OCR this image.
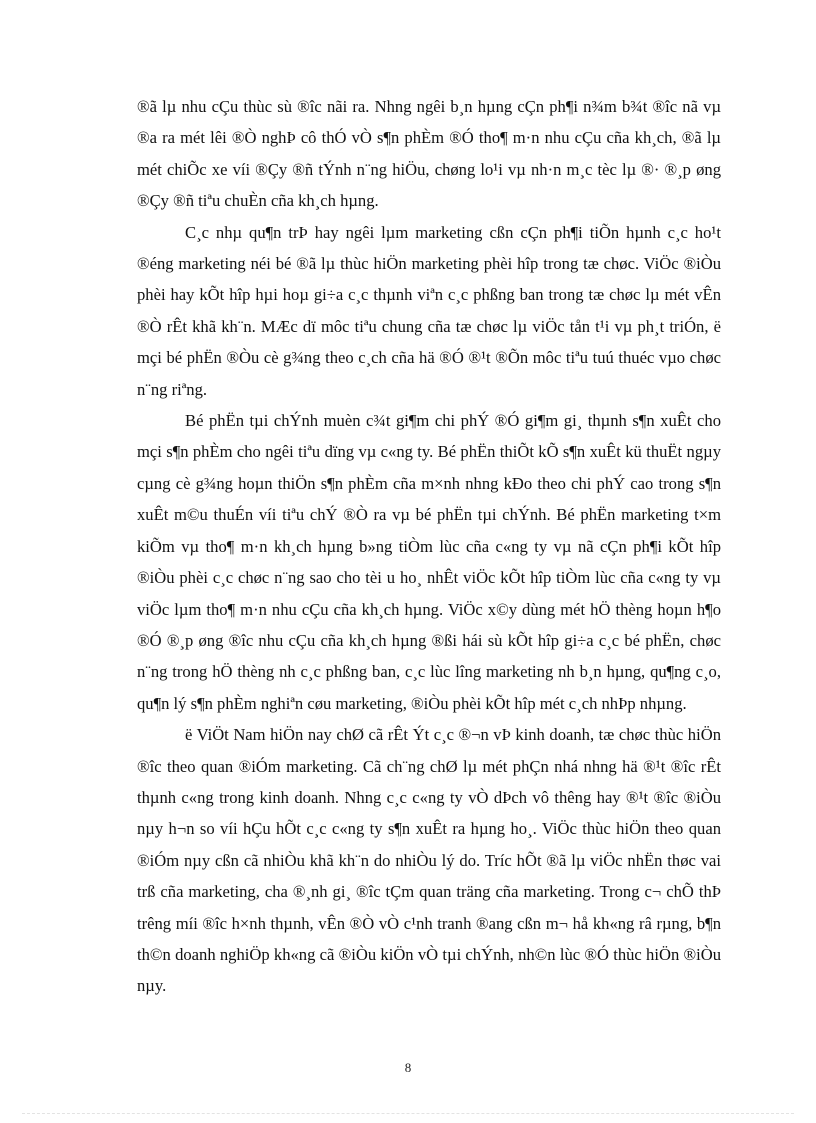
®ã lµ nhu cÇu thùc sù ®îc nãi ra. Nhng ngêi b¸n hµng cÇn ph¶i n¾m b¾t ®îc nã vµ ®a ra mét lêi ®Ò nghÞ cô thÓ vÒ s¶n phÈm ®Ó tho¶ m·n nhu cÇu cña kh¸ch, ®ã lµ mét chiÕc xe víi ®Çy ®ñ tÝnh n¨ng hiÖu, chøng lo¹i vµ nh·n m¸c tèc lµ ®· ®¸p øng ®Çy ®ñ tiªu chuÈn cña kh¸ch hµng.

C¸c nhµ qu¶n trÞ hay ngêi lµm marketing cßn cÇn ph¶i tiÕn hµnh c¸c ho¹t ®éng marketing néi bé ®ã lµ thùc hiÖn marketing phèi hîp trong tæ chøc. ViÖc ®iÒu phèi hay kÕt hîp hµi hoµ gi÷a c¸c thµnh viªn c¸c phßng ban trong tæ chøc lµ mét vÊn ®Ò rÊt khã kh¨n. MÆc dï môc tiªu chung cña tæ chøc lµ viÖc tån t¹i vµ ph¸t triÓn, ë mçi bé phËn ®Òu cè g¾ng theo c¸ch cña hä ®Ó ®¹t ®Õn môc tiªu tuú thuéc vµo chøc n¨ng riªng.

Bé phËn tµi chÝnh muèn c¾t gi¶m chi phÝ ®Ó gi¶m gi¸ thµnh s¶n xuÊt cho mçi s¶n phÈm cho ngêi tiªu dïng vµ c«ng ty. Bé phËn thiÕt kÕ s¶n xuÊt kü thuËt ngµy cµng cè g¾ng hoµn thiÖn s¶n phÈm cña m×nh nhng kÐo theo chi phÝ cao trong s¶n xuÊt m©u thuÉn víi tiªu chÝ ®Ò ra vµ bé phËn tµi chÝnh. Bé phËn marketing t×m kiÕm vµ tho¶ m·n kh¸ch hµng b»ng tiÒm lùc cña c«ng ty vµ nã cÇn ph¶i kÕt hîp ®iÒu phèi c¸c chøc n¨ng sao cho tèi u ho¸ nhÊt viÖc kÕt hîp tiÒm lùc cña c«ng ty vµ viÖc lµm tho¶ m·n nhu cÇu cña kh¸ch hµng. ViÖc x©y dùng mét hÖ thèng hoµn h¶o ®Ó ®¸p øng ®îc nhu cÇu cña kh¸ch hµng ®ßi hái sù kÕt hîp gi÷a c¸c bé phËn, chøc n¨ng trong hÖ thèng nh c¸c phßng ban, c¸c lùc lîng marketing nh b¸n hµng, qu¶ng c¸o, qu¶n lý s¶n phÈm nghiªn cøu marketing, ®iÒu phèi kÕt hîp mét c¸ch nhÞp nhµng.

ë ViÖt Nam hiÖn nay chØ cã rÊt Ýt c¸c ®¬n vÞ kinh doanh, tæ chøc thùc hiÖn ®îc theo quan ®iÓm marketing. Cã ch¨ng chØ lµ mét phÇn nhá nhng hä ®¹t ®îc rÊt thµnh c«ng trong kinh doanh. Nhng c¸c c«ng ty vÒ dÞch vô thêng hay ®¹t ®îc ®iÒu nµy h¬n so víi hÇu hÕt c¸c c«ng ty s¶n xuÊt ra hµng ho¸. ViÖc thùc hiÖn theo quan ®iÓm nµy cßn cã nhiÒu khã kh¨n do nhiÒu lý do. Tríc hÕt ®ã lµ viÖc nhËn thøc vai trß cña marketing, cha ®¸nh gi¸ ®îc tÇm quan träng cña marketing. Trong c¬ chÕ thÞ trêng míi ®îc h×nh thµnh, vÊn ®Ò vÒ c¹nh tranh ®ang cßn m¬ hå kh«ng râ rµng, b¶n th©n doanh nghiÖp kh«ng cã ®iÒu kiÖn vÒ tµi chÝnh, nh©n lùc ®Ó thùc hiÖn ®iÒu nµy.

8
